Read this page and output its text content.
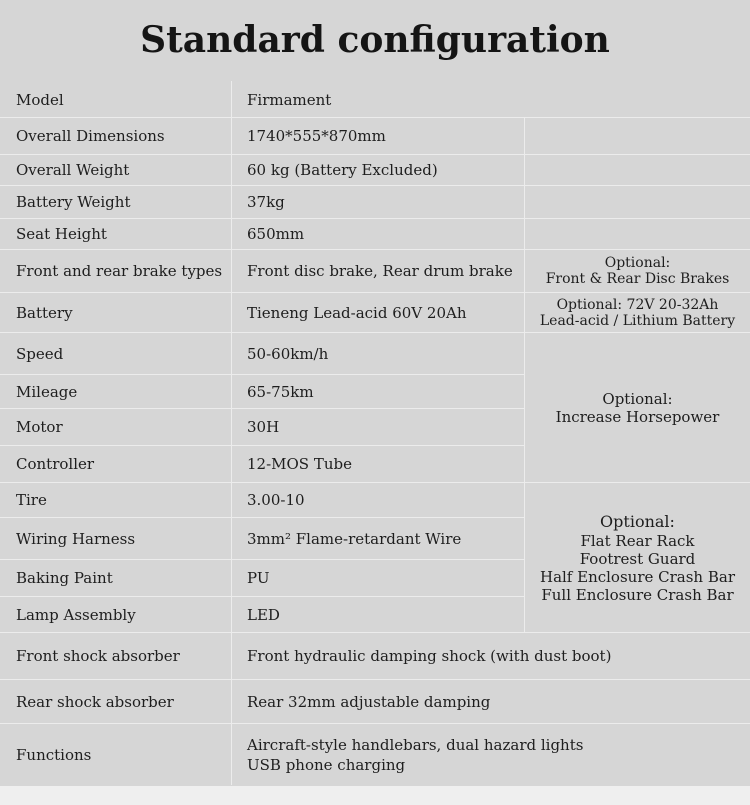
Standard configuration
Model	Firmament	
Overall Dimensions	1740*555*870mm	
Overall Weight	60 kg (Battery Excluded)	
Battery Weight	37kg	
Seat Height	650mm	
Front and rear brake types	Front disc brake, Rear drum brake	Optional:
Front & Rear Disc Brakes

Battery	Tieneng Lead-acid 60V 20Ah	Optional: 72V 20-32Ah
Lead-acid / Lithium Battery

Speed	50-60km/h	Optional:
Increase Horsepower

Mileage	65-75km	
Motor	30H	
Controller	12-MOS Tube	
Tire	3.00-10	Optional:
Flat Rear Rack
Footrest Guard
Half Enclosure Crash Bar
Full Enclosure Crash Bar

Wiring Harness	3mm² Flame-retardant Wire	
Baking Paint	PU	
Lamp Assembly	LED	
Front shock absorber	Front hydraulic damping shock (with dust boot)	
Rear shock absorber	Rear 32mm adjustable damping	
Functions	Aircraft-style handlebars, dual hazard lights
USB phone charging	
